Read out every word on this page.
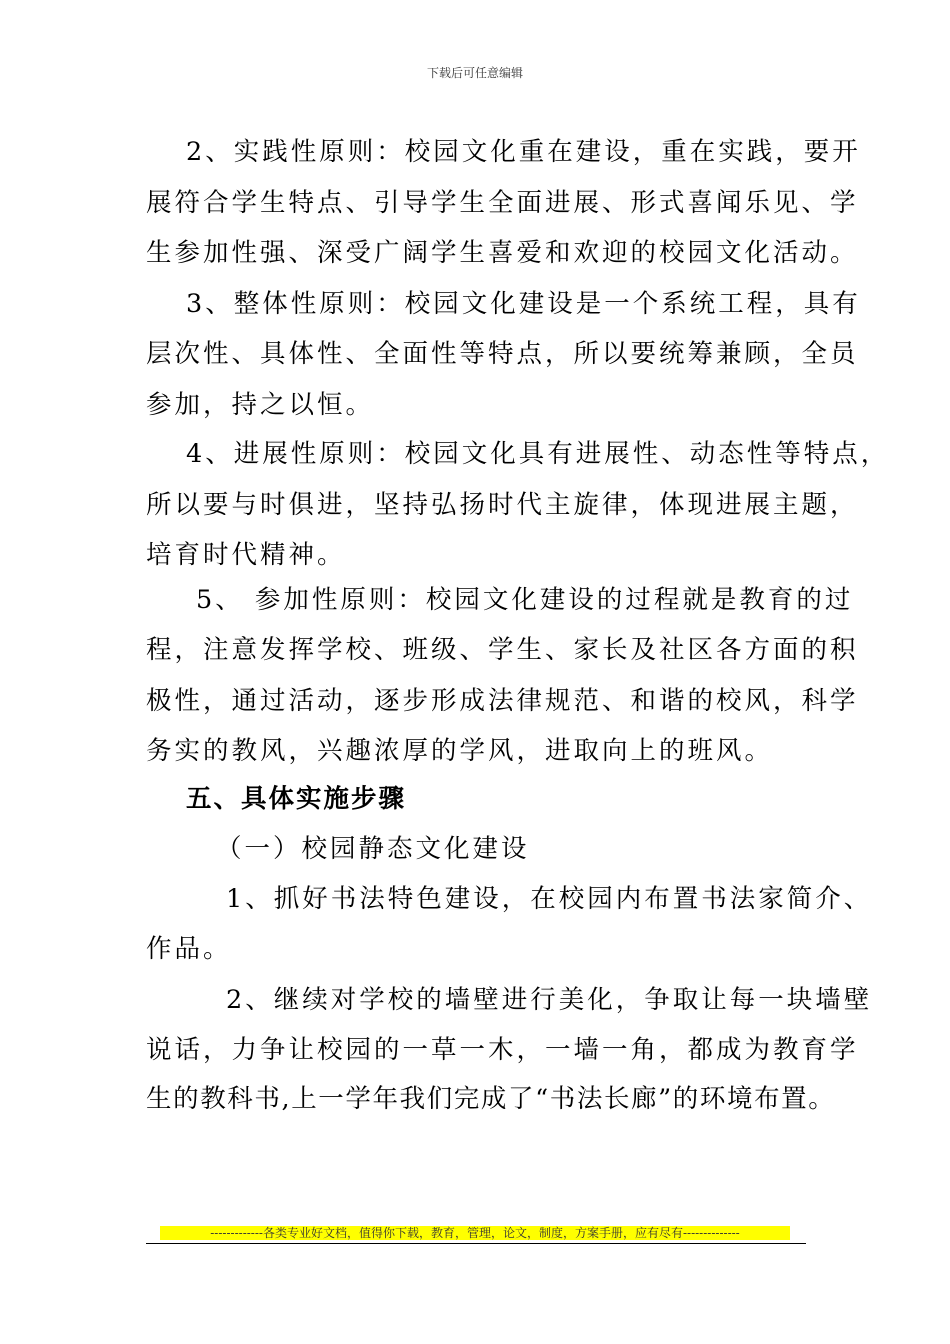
下载后可任意编辑
2、实践性原则：校园文化重在建设，重在实践，要开
展符合学生特点、引导学生全面进展、形式喜闻乐见、学
生参加性强、深受广阔学生喜爱和欢迎的校园文化活动。
3、整体性原则：校园文化建设是一个系统工程，具有
层次性、具体性、全面性等特点，所以要统筹兼顾，全员
参加，持之以恒。
4、进展性原则：校园文化具有进展性、动态性等特点，
所以要与时俱进，坚持弘扬时代主旋律，体现进展主题，
培育时代精神。
5、 参加性原则：校园文化建设的过程就是教育的过
程，注意发挥学校、班级、学生、家长及社区各方面的积
极性，通过活动，逐步形成法律规范、和谐的校风，科学
务实的教风，兴趣浓厚的学风，进取向上的班风。
五、具体实施步骤
（一）校园静态文化建设
1、抓好书法特色建设，在校园内布置书法家简介、
作品。
2、继续对学校的墙壁进行美化，争取让每一块墙壁
说话，力争让校园的一草一木，一墙一角，都成为教育学
生的教科书,上一学年我们完成了“书法长廊”的环境布置。
-------------各类专业好文档，值得你下载，教育，管理，论文，制度，方案手册，应有尽有--------------
